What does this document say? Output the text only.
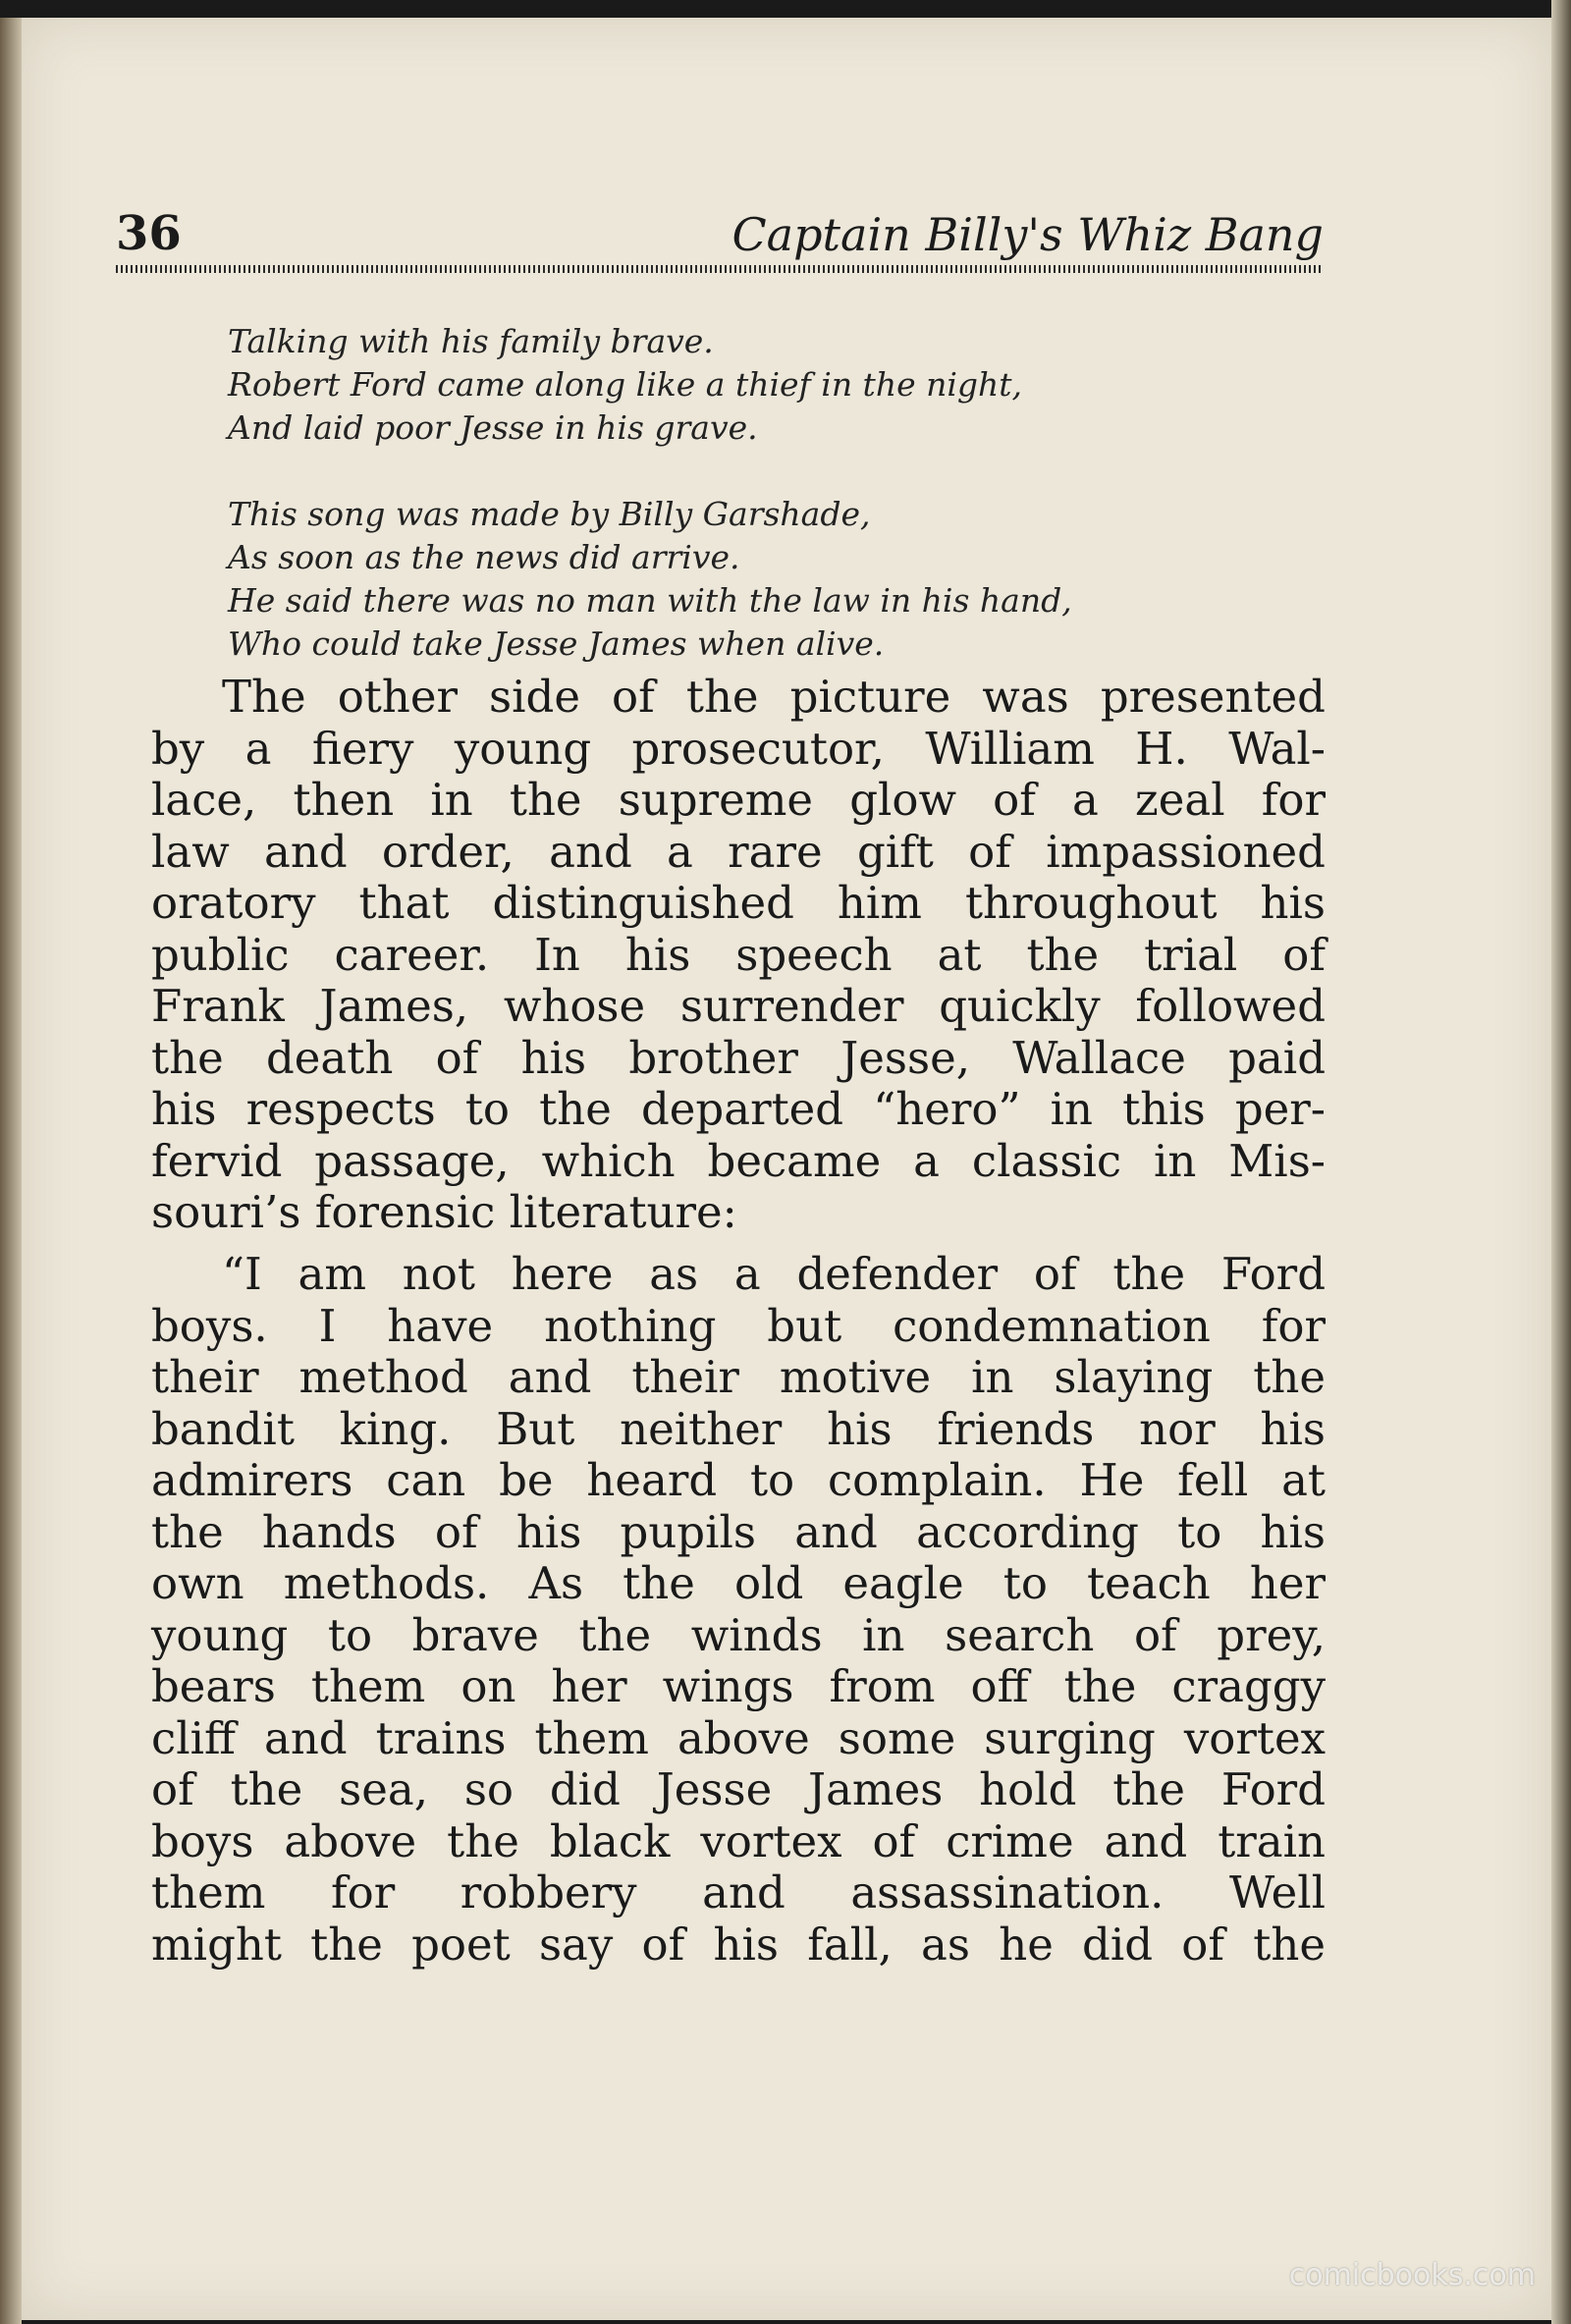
36	Captain Billy's Whiz Bang
Talking with his family brave.
Robert Ford came along like a thief in the night,
And laid poor Jesse in his grave.
This song was made by Billy Garshade,
As soon as the news did arrive.
He said there was no man with the law in his hand,
Who could take Jesse James when alive.
The other side of the picture was presented
by a fiery young prosecutor, William H. Wal-
lace, then in the supreme glow of a zeal for
law and order, and a rare gift of impassioned
oratory that distinguished him throughout his
public career. In his speech at the trial of
Frank James, whose surrender quickly followed
the death of his brother Jesse, Wallace paid
his respects to the departed “hero” in this per-
fervid passage, which became a classic in Mis-
souri’s forensic literature:
“I am not here as a defender of the Ford
boys. I have nothing but condemnation for
their method and their motive in slaying the
bandit king. But neither his friends nor his
admirers can be heard to complain. He fell at
the hands of his pupils and according to his
own methods. As the old eagle to teach her
young to brave the winds in search of prey,
bears them on her wings from off the craggy
cliff and trains them above some surging vortex
of the sea, so did Jesse James hold the Ford
boys above the black vortex of crime and train
them for robbery and assassination. Well
might the poet say of his fall, as he did of the
comicbooks.com
